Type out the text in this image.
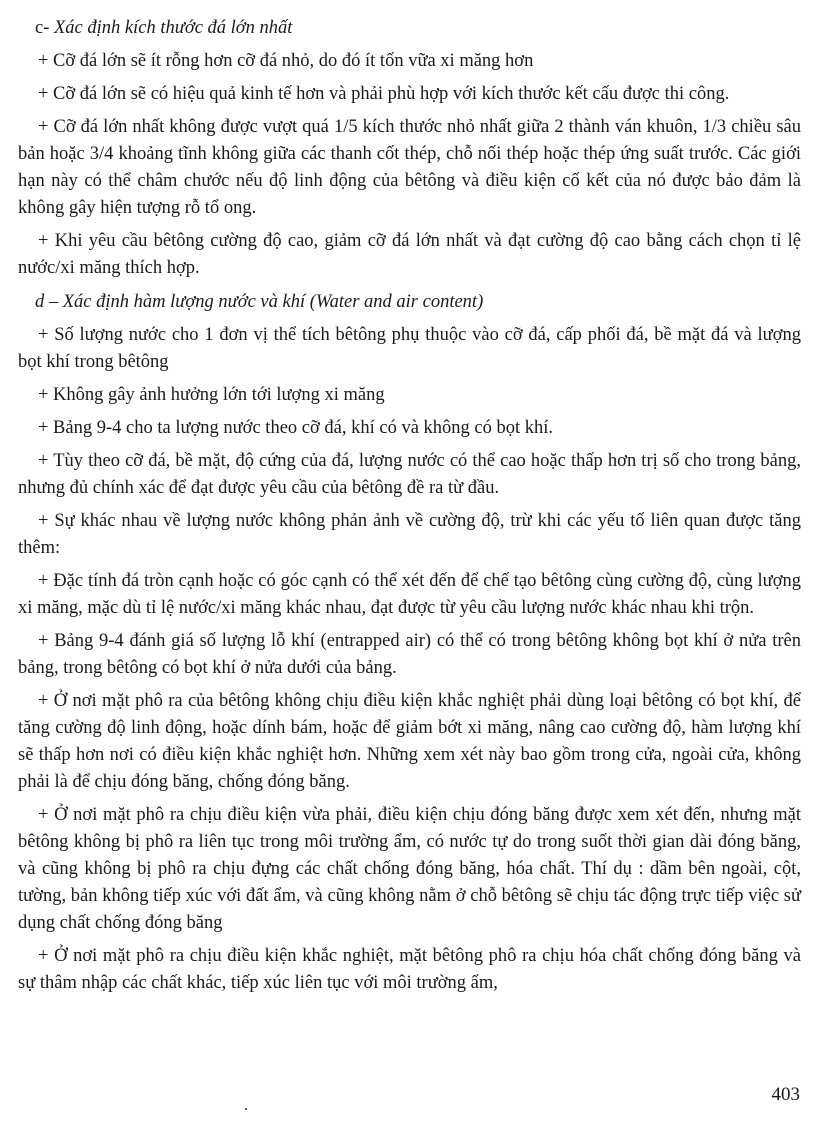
c- Xác định kích thước đá lớn nhất

+ Cỡ đá lớn sẽ ít rỗng hơn cỡ đá nhỏ, do đó ít tốn vữa xi măng hơn

+ Cỡ đá lớn sẽ có hiệu quả kinh tế hơn và phải phù hợp với kích thước kết cấu được thi công.

+ Cỡ đá lớn nhất không được vượt quá 1/5 kích thước nhỏ nhất giữa 2 thành ván khuôn, 1/3 chiều sâu bản hoặc 3/4 khoảng tĩnh không giữa các thanh cốt thép, chỗ nối thép hoặc thép ứng suất trước. Các giới hạn này có thể châm chước nếu độ linh động của bêtông và điều kiện cố kết của nó được bảo đảm là không gây hiện tượng rỗ tổ ong.

+ Khi yêu cầu bêtông cường độ cao, giảm cỡ đá lớn nhất và đạt cường độ cao bằng cách chọn tỉ lệ nước/xi măng thích hợp.

d – Xác định hàm lượng nước và khí (Water and air content)

+ Số lượng nước cho 1 đơn vị thể tích bêtông phụ thuộc vào cỡ đá, cấp phối đá, bề mặt đá và lượng bọt khí trong bêtông

+ Không gây ảnh hưởng lớn tới lượng xi măng

+ Bảng 9-4 cho ta lượng nước theo cỡ đá, khí có và không có bọt khí.

+ Tùy theo cỡ đá, bề mặt, độ cứng của đá, lượng nước có thể cao hoặc thấp hơn trị số cho trong bảng, nhưng đủ chính xác để đạt được yêu cầu của bêtông đề ra từ đầu.

+ Sự khác nhau về lượng nước không phản ảnh về cường độ, trừ khi các yếu tố liên quan được tăng thêm:

+ Đặc tính đá tròn cạnh hoặc có góc cạnh có thể xét đến để chế tạo bêtông cùng cường độ, cùng lượng xi măng, mặc dù tỉ lệ nước/xi măng khác nhau, đạt được từ yêu cầu lượng nước khác nhau khi trộn.

+ Bảng 9-4 đánh giá số lượng lỗ khí (entrapped air) có thể có trong bêtông không bọt khí ở nửa trên bảng, trong bêtông có bọt khí ở nửa dưới của bảng.

+ Ở nơi mặt phô ra của bêtông không chịu điều kiện khắc nghiệt phải dùng loại bêtông có bọt khí, để tăng cường độ linh động, hoặc dính bám, hoặc để giảm bớt xi măng, nâng cao cường độ, hàm lượng khí sẽ thấp hơn nơi có điều kiện khắc nghiệt hơn. Những xem xét này bao gồm trong cửa, ngoài cửa, không phải là để chịu đóng băng, chống đóng băng.

+ Ở nơi mặt phô ra chịu điều kiện vừa phải, điều kiện chịu đóng băng được xem xét đến, nhưng mặt bêtông không bị phô ra liên tục trong môi trường ẩm, có nước tự do trong suốt thời gian dài đóng băng, và cũng không bị phô ra chịu đựng các chất chống đóng băng, hóa chất. Thí dụ : dầm bên ngoài, cột, tường, bản không tiếp xúc với đất ẩm, và cũng không nằm ở chỗ bêtông sẽ chịu tác động trực tiếp việc sử dụng chất chống đóng băng

+ Ở nơi mặt phô ra chịu điều kiện khắc nghiệt, mặt bêtông phô ra chịu hóa chất chống đóng băng và sự thâm nhập các chất khác, tiếp xúc liên tục với môi trường ẩm,

403
